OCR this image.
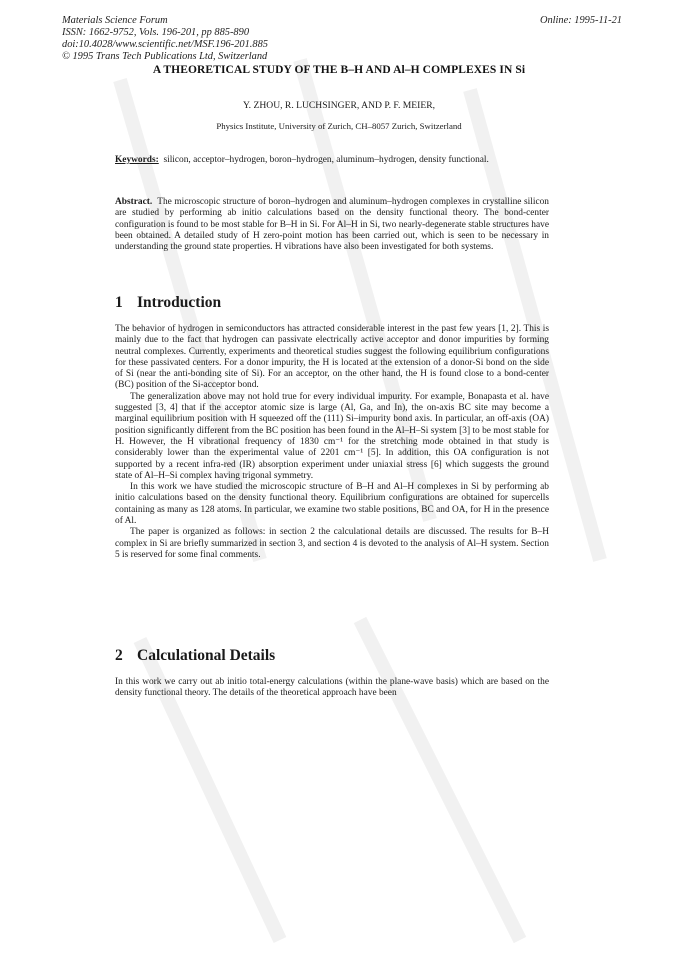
Materials Science Forum
ISSN: 1662-9752, Vols. 196-201, pp 885-890
doi:10.4028/www.scientific.net/MSF.196-201.885
© 1995 Trans Tech Publications Ltd, Switzerland
Online: 1995-11-21
A THEORETICAL STUDY OF THE B–H AND Al–H COMPLEXES IN Si
Y. ZHOU, R. LUCHSINGER, AND P. F. MEIER,
Physics Institute, University of Zurich, CH–8057 Zurich, Switzerland

Keywords: silicon, acceptor–hydrogen, boron–hydrogen, aluminum–hydrogen, density functional.

Abstract. The microscopic structure of boron–hydrogen and aluminum–hydrogen complexes in crystalline silicon are studied by performing ab initio calculations based on the density functional theory. The bond-center configuration is found to be most stable for B–H in Si. For Al–H in Si, two nearly-degenerate stable structures have been obtained. A detailed study of H zero-point motion has been carried out, which is seen to be necessary in understanding the ground state properties. H vibrations have also been investigated for both systems.

1 Introduction

The behavior of hydrogen in semiconductors has attracted considerable interest in the past few years [1, 2]. This is mainly due to the fact that hydrogen can passivate electrically active acceptor and donor impurities by forming neutral complexes. Currently, experiments and theoretical studies suggest the following equilibrium configurations for these passivated centers. For a donor impurity, the H is located at the extension of a donor-Si bond on the side of Si (near the anti-bonding site of Si). For an acceptor, on the other hand, the H is found close to a bond-center (BC) position of the Si-acceptor bond.

The generalization above may not hold true for every individual impurity. For example, Bonapasta et al. have suggested [3, 4] that if the acceptor atomic size is large (Al, Ga, and In), the on-axis BC site may become a marginal equilibrium position with H squeezed off the (111) Si–impurity bond axis. In particular, an off-axis (OA) position significantly different from the BC position has been found in the Al–H–Si system [3] to be most stable for H. However, the H vibrational frequency of 1830 cm⁻¹ for the stretching mode obtained in that study is considerably lower than the experimental value of 2201 cm⁻¹ [5]. In addition, this OA configuration is not supported by a recent infra-red (IR) absorption experiment under uniaxial stress [6] which suggests the ground state of Al–H–Si complex having trigonal symmetry.

In this work we have studied the microscopic structure of B–H and Al–H complexes in Si by performing ab initio calculations based on the density functional theory. Equilibrium configurations are obtained for supercells containing as many as 128 atoms. In particular, we examine two stable positions, BC and OA, for H in the presence of Al.

The paper is organized as follows: in section 2 the calculational details are discussed. The results for B–H complex in Si are briefly summarized in section 3, and section 4 is devoted to the analysis of Al–H system. Section 5 is reserved for some final comments.

2 Calculational Details

In this work we carry out ab initio total-energy calculations (within the plane-wave basis) which are based on the density functional theory. The details of the theoretical approach have been
